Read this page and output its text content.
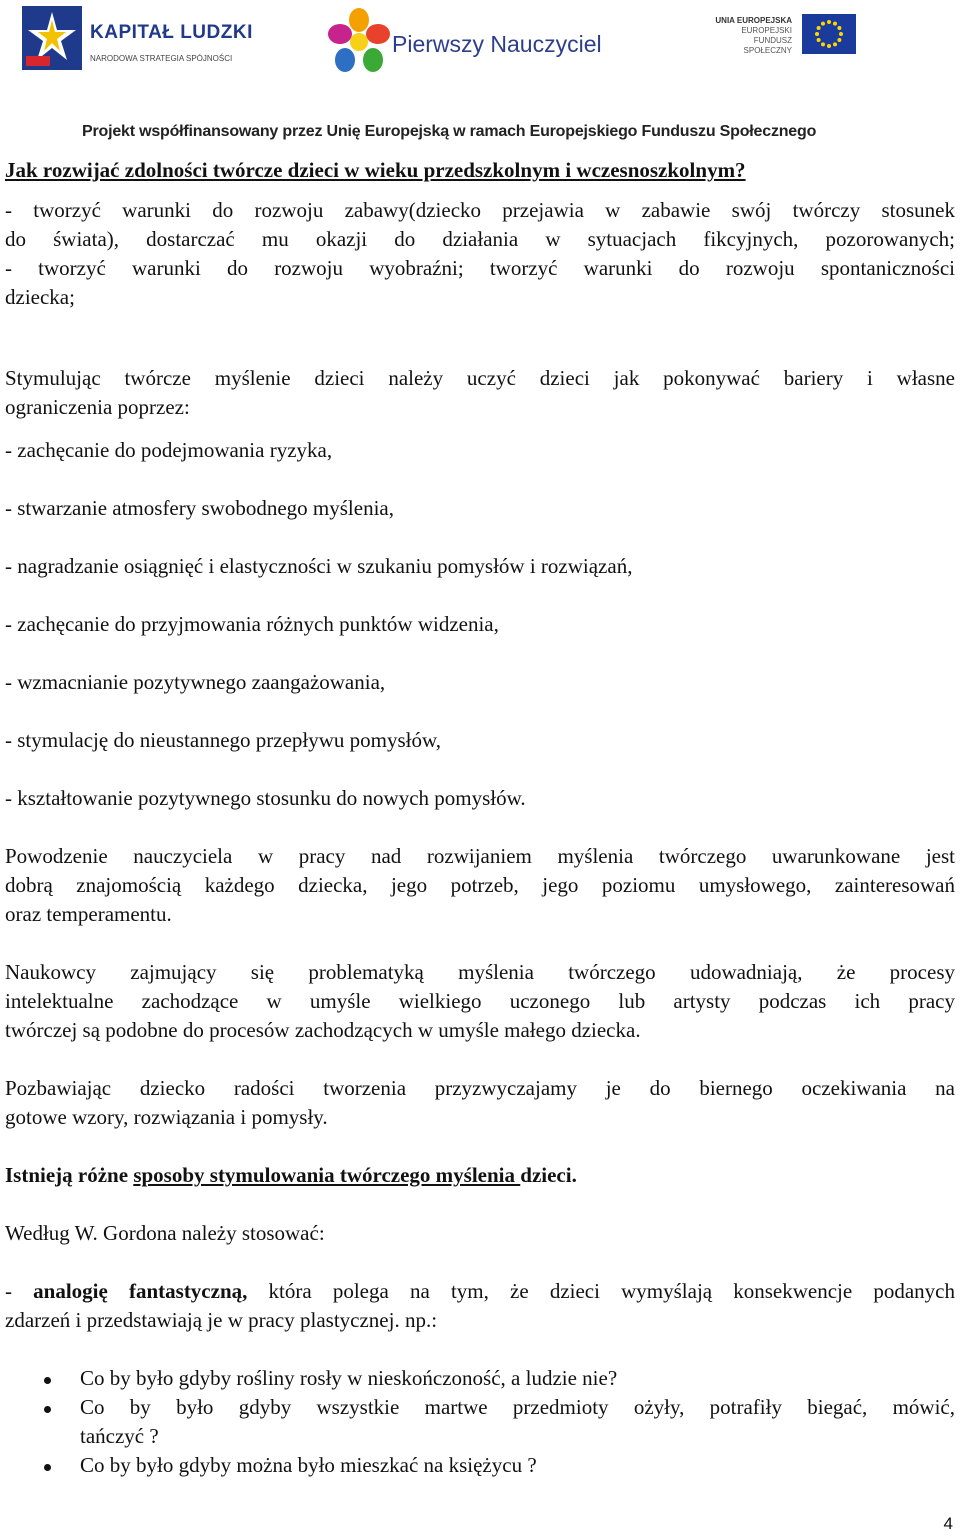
KAPITAŁ LUDZKI
NARODOWA STRATEGIA SPÓJNOŚCI
Pierwszy Nauczyciel
UNIA EUROPEJSKA
EUROPEJSKI
FUNDUSZ SPOŁECZNY
Projekt współfinansowany przez Unię Europejską w ramach Europejskiego Funduszu Społecznego

Jak rozwijać zdolności twórcze dzieci w wieku przedszkolnym i wczesnoszkolnym?

- tworzyć warunki do rozwoju zabawy(dziecko przejawia w zabawie swój twórczy stosunek
do świata), dostarczać mu okazji do działania w sytuacjach fikcyjnych, pozorowanych;
- tworzyć warunki do rozwoju wyobraźni; tworzyć warunki do rozwoju spontaniczności
dziecka;

Stymulując twórcze myślenie dzieci należy uczyć dzieci jak pokonywać bariery i własne
ograniczenia poprzez:

- zachęcanie do podejmowania ryzyka,

- stwarzanie atmosfery swobodnego myślenia,

- nagradzanie osiągnięć i elastyczności w szukaniu pomysłów i rozwiązań,

- zachęcanie do przyjmowania różnych punktów widzenia,

- wzmacnianie pozytywnego zaangażowania,

- stymulację do nieustannego przepływu pomysłów,

- kształtowanie pozytywnego stosunku do nowych pomysłów.

Powodzenie nauczyciela w pracy nad rozwijaniem myślenia twórczego uwarunkowane jest
dobrą znajomością każdego dziecka, jego potrzeb, jego poziomu umysłowego, zainteresowań
oraz temperamentu.

Naukowcy zajmujący się problematyką myślenia twórczego udowadniają, że procesy
intelektualne zachodzące w umyśle wielkiego uczonego lub artysty podczas ich pracy
twórczej są podobne do procesów zachodzących w umyśle małego dziecka.

Pozbawiając dziecko radości tworzenia przyzwyczajamy je do biernego oczekiwania na
gotowe wzory, rozwiązania i pomysły.

Istnieją różne sposoby stymulowania twórczego myślenia dzieci.

Według W. Gordona należy stosować:

- analogię fantastyczną, która polega na tym, że dzieci wymyślają konsekwencje podanych
zdarzeń i przedstawiają je w pracy plastycznej. np.:

Co by było gdyby rośliny rosły w nieskończoność, a ludzie nie?
Co by było gdyby wszystkie martwe przedmioty ożyły, potrafiły biegać, mówić,
tańczyć ?
Co by było gdyby można było mieszkać na księżycu ?
4
